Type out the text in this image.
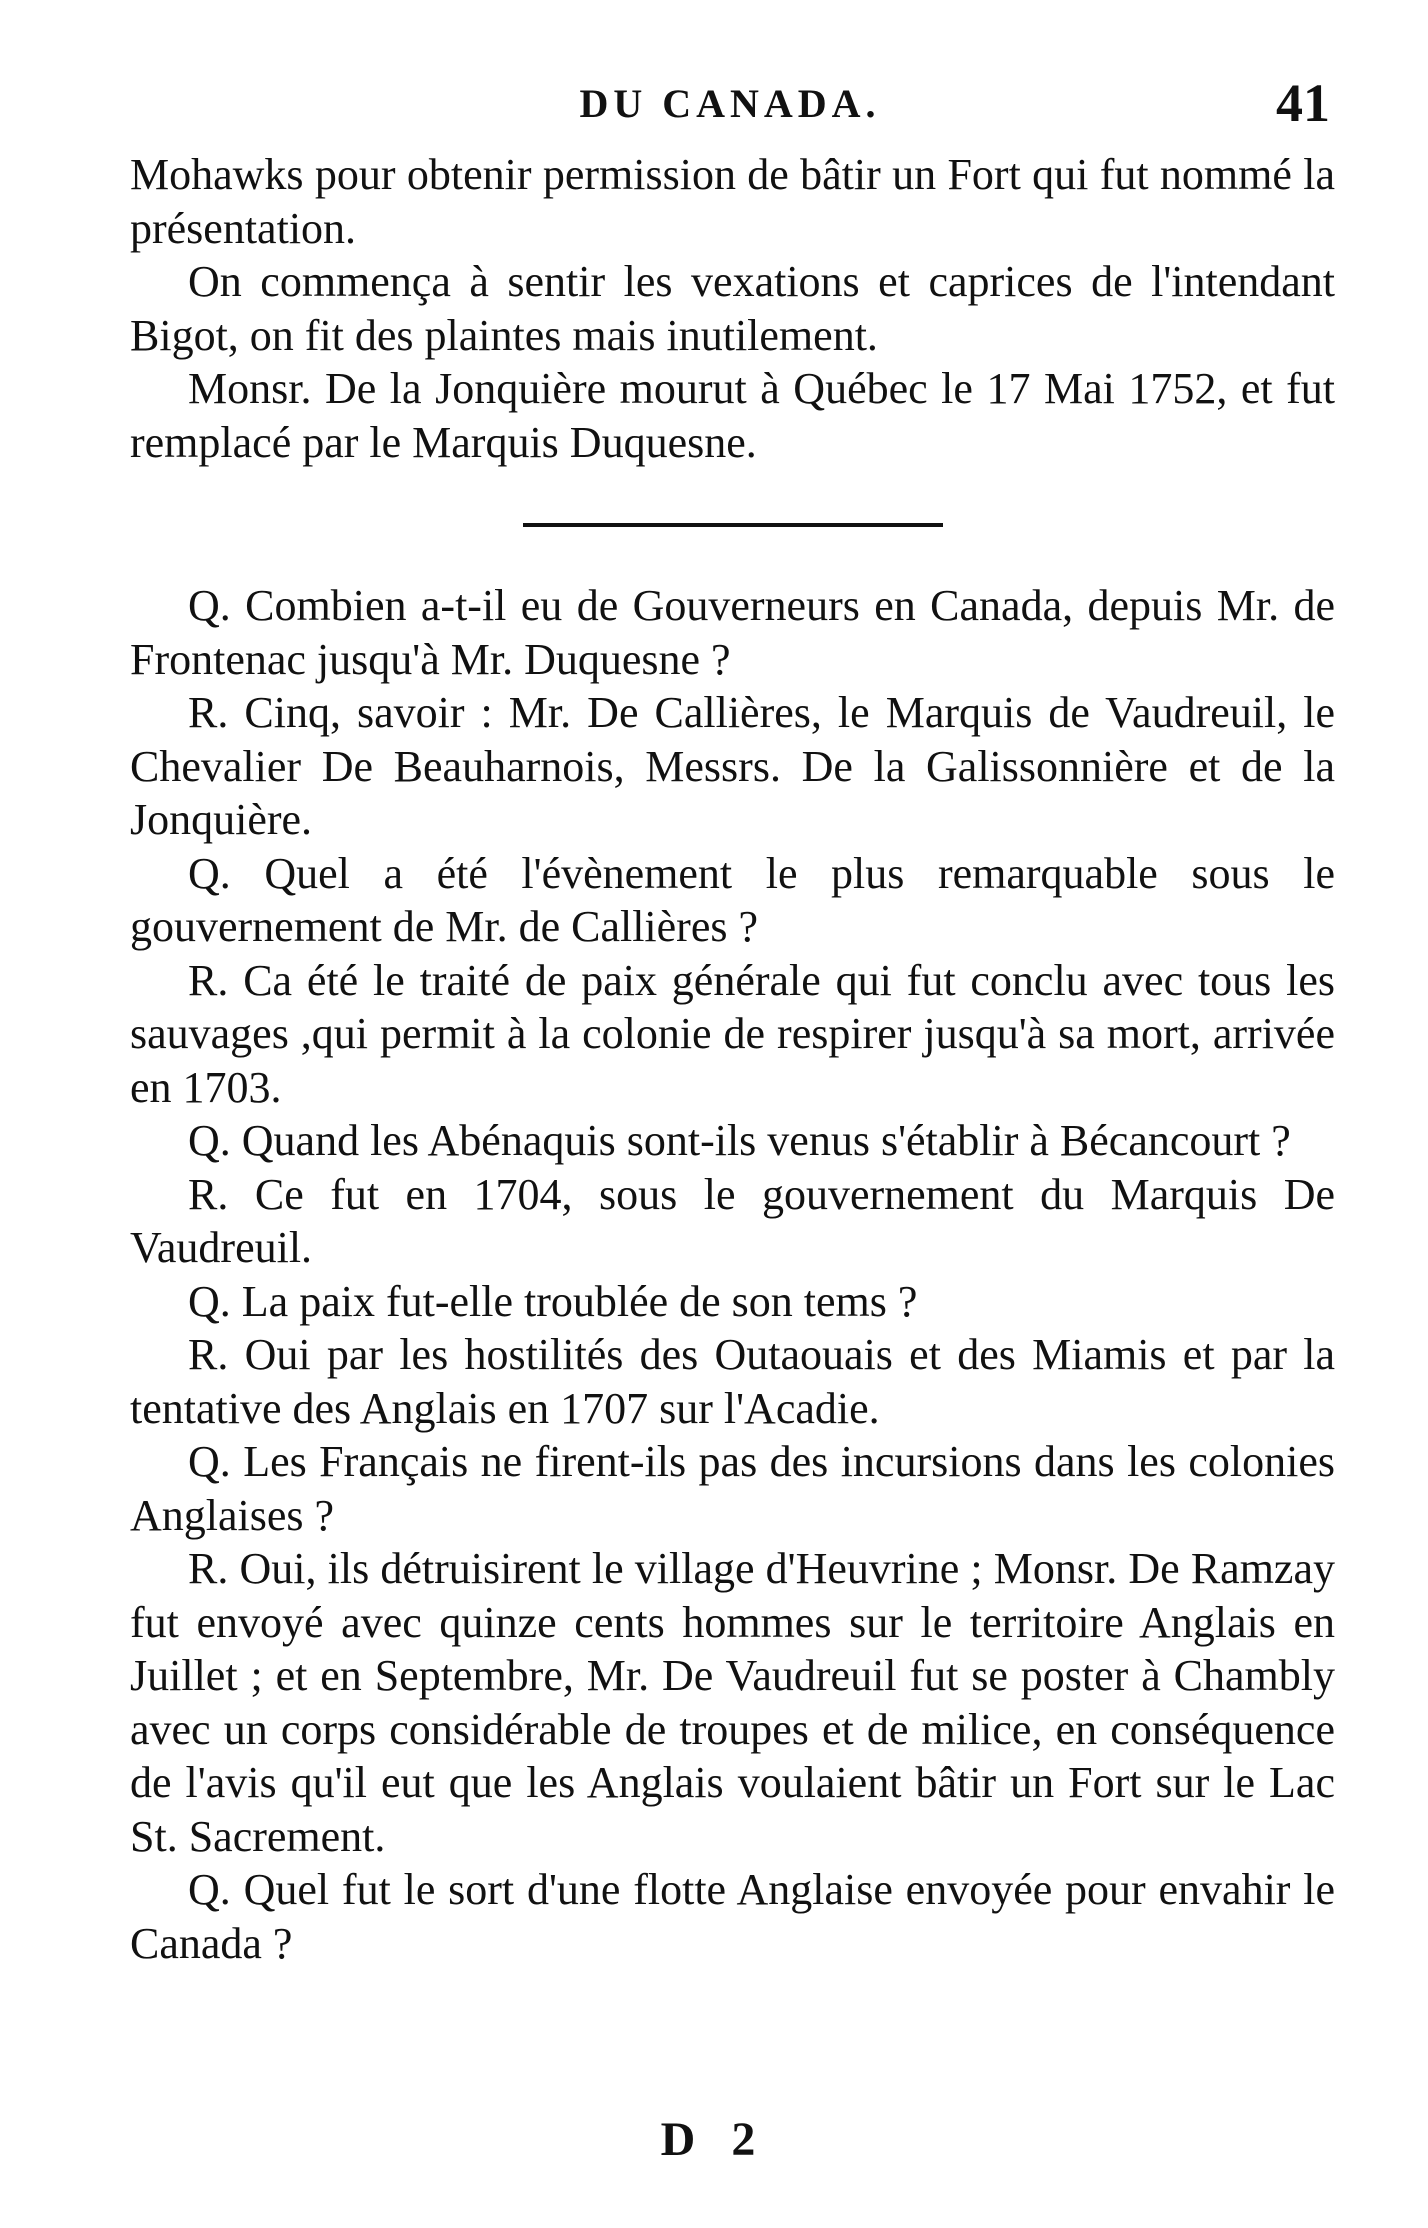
DU CANADA.	41

Mohawks pour obtenir permission de bâtir un Fort qui fut nommé la présentation.

On commença à sentir les vexations et caprices de l'intendant Bigot, on fit des plaintes mais inutilement.

Monsr. De la Jonquière mourut à Québec le 17 Mai 1752, et fut remplacé par le Marquis Duquesne.

Q. Combien a-t-il eu de Gouverneurs en Canada, depuis Mr. de Frontenac jusqu'à Mr. Duquesne ?

R. Cinq, savoir : Mr. De Callières, le Marquis de Vaudreuil, le Chevalier De Beauharnois, Messrs. De la Galissonnière et de la Jonquière.

Q. Quel a été l'évènement le plus remarquable sous le gouvernement de Mr. de Callières ?

R. Ca été le traité de paix générale qui fut conclu avec tous les sauvages ,qui permit à la colonie de respirer jusqu'à sa mort, arrivée en 1703.

Q. Quand les Abénaquis sont-ils venus s'établir à Bécancourt ?

R. Ce fut en 1704, sous le gouvernement du Marquis De Vaudreuil.

Q. La paix fut-elle troublée de son tems ?

R. Oui par les hostilités des Outaouais et des Miamis et par la tentative des Anglais en 1707 sur l'Acadie.

Q. Les Français ne firent-ils pas des incursions dans les colonies Anglaises ?

R. Oui, ils détruisirent le village d'Heuvrine ; Monsr. De Ramzay fut envoyé avec quinze cents hommes sur le territoire Anglais en Juillet ; et en Septembre, Mr. De Vaudreuil fut se poster à Chambly avec un corps considérable de troupes et de milice, en conséquence de l'avis qu'il eut que les Anglais voulaient bâtir un Fort sur le Lac St. Sacrement.

Q. Quel fut le sort d'une flotte Anglaise envoyée pour envahir le Canada ?

D 2
